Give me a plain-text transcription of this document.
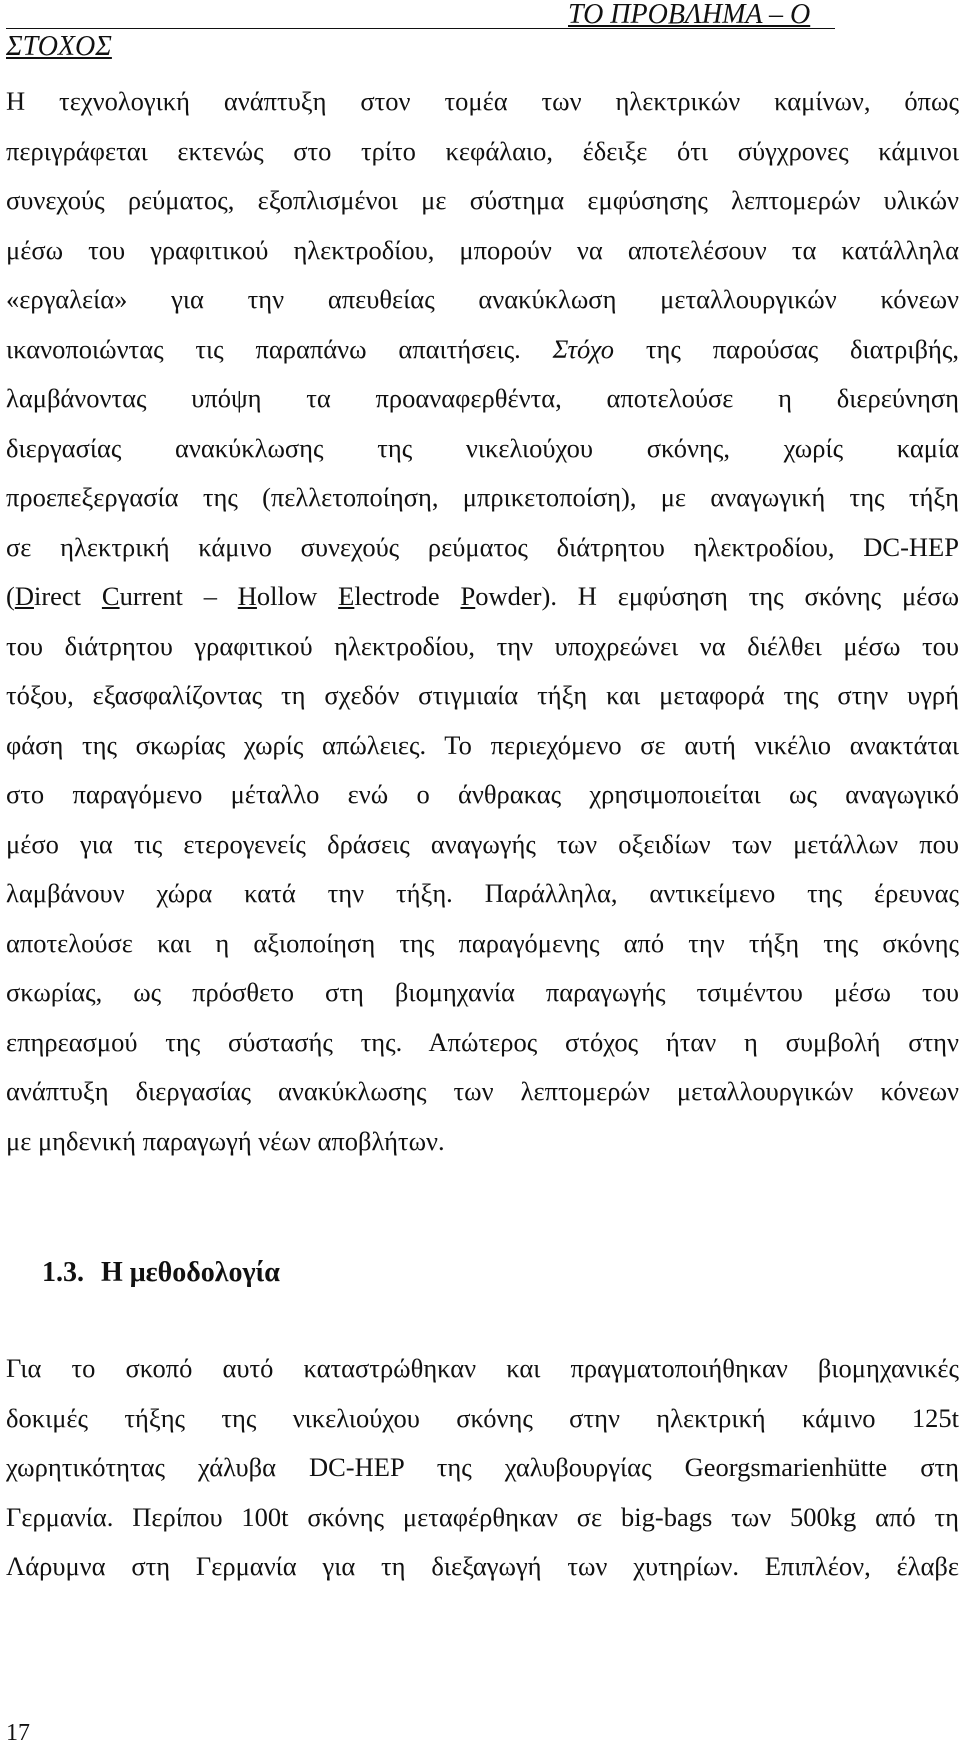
ΤΟ ΠΡΟΒΛΗΜΑ – Ο
ΣΤΟΧΟΣ
Η τεχνολογική ανάπτυξη στον τομέα των ηλεκτρικών καμίνων, όπως
περιγράφεται εκτενώς στο τρίτο κεφάλαιο, έδειξε ότι σύγχρονες κάμινοι
συνεχούς ρεύματος, εξοπλισμένοι με σύστημα εμφύσησης λεπτομερών υλικών
μέσω του γραφιτικού ηλεκτροδίου, μπορούν να αποτελέσουν τα κατάλληλα
«εργαλεία» για την απευθείας ανακύκλωση μεταλλουργικών κόνεων
ικανοποιώντας τις παραπάνω απαιτήσεις. Στόχο της παρούσας διατριβής,
λαμβάνοντας υπόψη τα προαναφερθέντα, αποτελούσε η διερεύνηση
διεργασίας ανακύκλωσης της νικελιούχου σκόνης, χωρίς καμία
προεπεξεργασία της (πελλετοποίηση, μπρικετοποίση), με αναγωγική της τήξη
σε ηλεκτρική κάμινο συνεχούς ρεύματος διάτρητου ηλεκτροδίου, DC-HEP
(Direct Current – Hollow Electrode Powder). Η εμφύσηση της σκόνης μέσω
του διάτρητου γραφιτικού ηλεκτροδίου, την υποχρεώνει να διέλθει μέσω του
τόξου, εξασφαλίζοντας τη σχεδόν στιγμιαία τήξη και μεταφορά της στην υγρή
φάση της σκωρίας χωρίς απώλειες. Το περιεχόμενο σε αυτή νικέλιο ανακτάται
στο παραγόμενο μέταλλο ενώ ο άνθρακας χρησιμοποιείται ως αναγωγικό
μέσο για τις ετερογενείς δράσεις αναγωγής των οξειδίων των μετάλλων που
λαμβάνουν χώρα κατά την τήξη. Παράλληλα, αντικείμενο της έρευνας
αποτελούσε και η αξιοποίηση της παραγόμενης από την τήξη της σκόνης
σκωρίας, ως πρόσθετο στη βιομηχανία παραγωγής τσιμέντου μέσω του
επηρεασμού της σύστασής της. Απώτερος στόχος ήταν η συμβολή στην
ανάπτυξη διεργασίας ανακύκλωσης των λεπτομερών μεταλλουργικών κόνεων
με μηδενική παραγωγή νέων αποβλήτων.
1.3. Η μεθοδολογία
Για το σκοπό αυτό καταστρώθηκαν και πραγματοποιήθηκαν βιομηχανικές
δοκιμές τήξης της νικελιούχου σκόνης στην ηλεκτρική κάμινο 125t
χωρητικότητας χάλυβα DC-HEP της χαλυβουργίας Georgsmarienhütte στη
Γερμανία. Περίπου 100t σκόνης μεταφέρθηκαν σε big-bags των 500kg από τη
Λάρυμνα στη Γερμανία για τη διεξαγωγή των χυτηρίων. Επιπλέον, έλαβε
17
